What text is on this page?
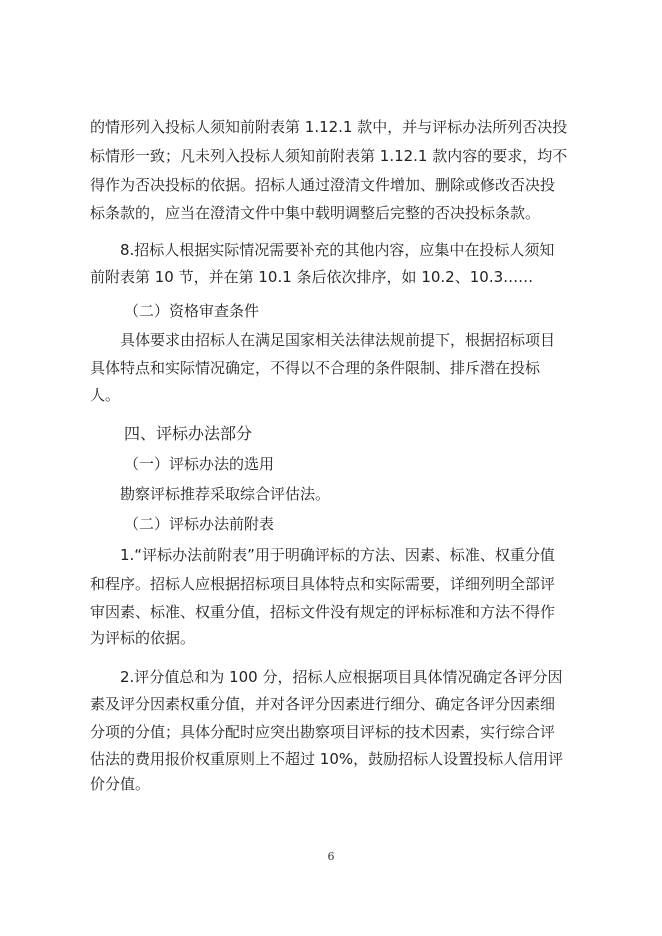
的情形列入投标人须知前附表第 1.12.1 款中，并与评标办法所列否决投
标情形一致；凡未列入投标人须知前附表第 1.12.1 款内容的要求，均不
得作为否决投标的依据。招标人通过澄清文件增加、删除或修改否决投
标条款的，应当在澄清文件中集中载明调整后完整的否决投标条款。
8.招标人根据实际情况需要补充的其他内容，应集中在投标人须知
前附表第 10 节，并在第 10.1 条后依次排序，如 10.2、10.3……
（二）资格审查条件
具体要求由招标人在满足国家相关法律法规前提下，根据招标项目
具体特点和实际情况确定，不得以不合理的条件限制、排斥潜在投标
人。
四、评标办法部分
（一）评标办法的选用
勘察评标推荐采取综合评估法。
（二）评标办法前附表
1.“评标办法前附表”用于明确评标的方法、因素、标准、权重分值
和程序。招标人应根据招标项目具体特点和实际需要，详细列明全部评
审因素、标准、权重分值，招标文件没有规定的评标标准和方法不得作
为评标的依据。
2.评分值总和为 100 分，招标人应根据项目具体情况确定各评分因
素及评分因素权重分值，并对各评分因素进行细分、确定各评分因素细
分项的分值；具体分配时应突出勘察项目评标的技术因素，实行综合评
估法的费用报价权重原则上不超过 10%，鼓励招标人设置投标人信用评
价分值。
6
